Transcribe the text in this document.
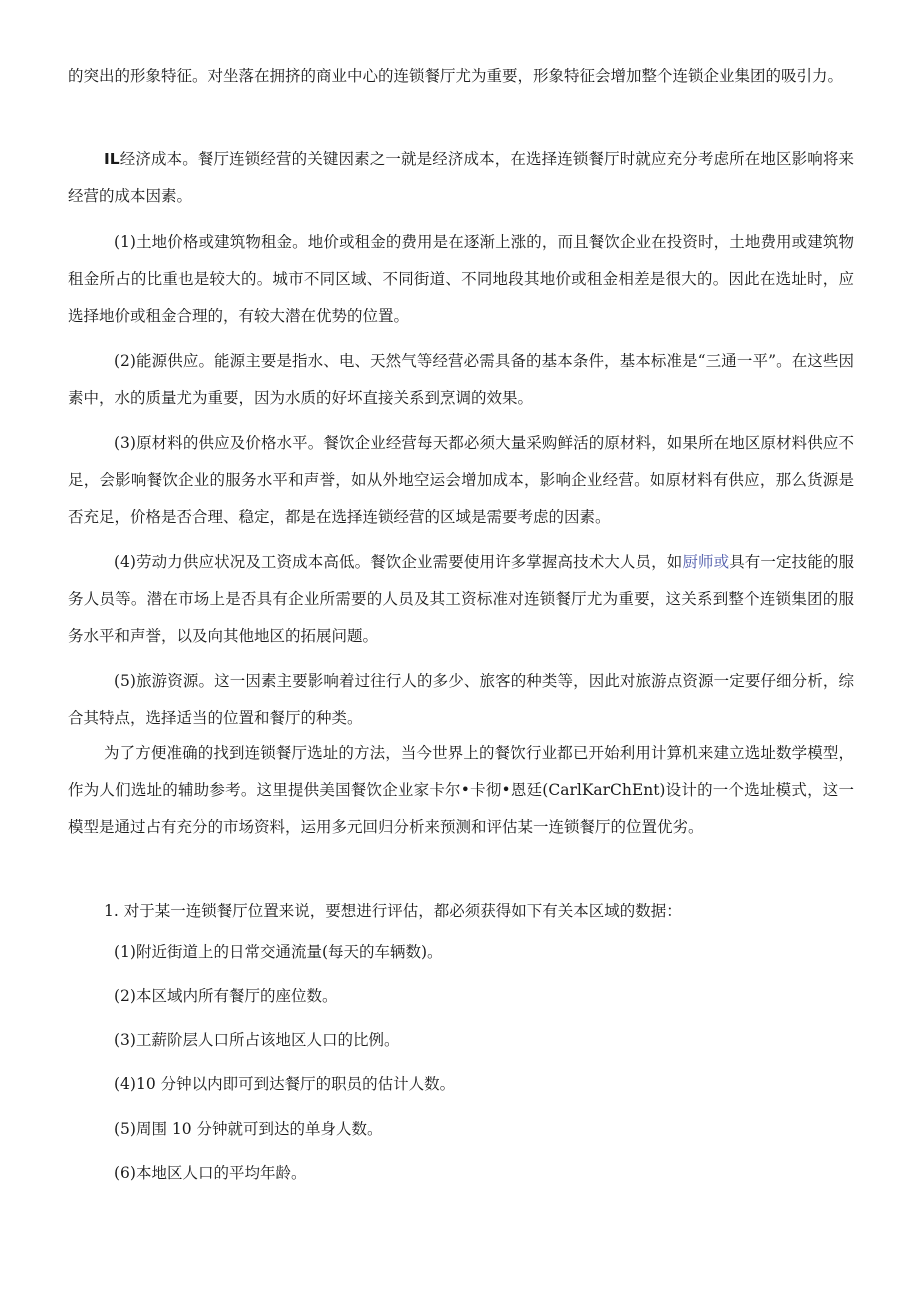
的突出的形象特征。对坐落在拥挤的商业中心的连锁餐厅尤为重要，形象特征会增加整个连锁企业集团的吸引力。

IL经济成本。餐厅连锁经营的关键因素之一就是经济成本，在选择连锁餐厅时就应充分考虑所在地区影响将来经营的成本因素。

(1)土地价格或建筑物租金。地价或租金的费用是在逐渐上涨的，而且餐饮企业在投资时，土地费用或建筑物租金所占的比重也是较大的。城市不同区域、不同街道、不同地段其地价或租金相差是很大的。因此在选址时，应选择地价或租金合理的，有较大潜在优势的位置。

(2)能源供应。能源主要是指水、电、天然气等经营必需具备的基本条件，基本标准是“三通一平”。在这些因素中，水的质量尤为重要，因为水质的好坏直接关系到烹调的效果。

(3)原材料的供应及价格水平。餐饮企业经营每天都必须大量采购鲜活的原材料，如果所在地区原材料供应不足，会影响餐饮企业的服务水平和声誉，如从外地空运会增加成本，影响企业经营。如原材料有供应，那么货源是否充足，价格是否合理、稳定，都是在选择连锁经营的区域是需要考虑的因素。

(4)劳动力供应状况及工资成本高低。餐饮企业需要使用许多掌握高技术大人员，如厨师或具有一定技能的服务人员等。潜在市场上是否具有企业所需要的人员及其工资标准对连锁餐厅尤为重要，这关系到整个连锁集团的服务水平和声誉，以及向其他地区的拓展问题。

(5)旅游资源。这一因素主要影响着过往行人的多少、旅客的种类等，因此对旅游点资源一定要仔细分析，综合其特点，选择适当的位置和餐厅的种类。

为了方便准确的找到连锁餐厅选址的方法，当今世界上的餐饮行业都已开始利用计算机来建立选址数学模型，作为人们选址的辅助参考。这里提供美国餐饮企业家卡尔•卡彻•恩廷(CarlKarChEnt)设计的一个选址模式，这一模型是通过占有充分的市场资料，运用多元回归分析来预测和评估某一连锁餐厅的位置优劣。

1. 对于某一连锁餐厅位置来说，要想进行评估，都必须获得如下有关本区域的数据：

(1)附近街道上的日常交通流量(每天的车辆数)。

(2)本区域内所有餐厅的座位数。

(3)工薪阶层人口所占该地区人口的比例。

(4)10 分钟以内即可到达餐厅的职员的估计人数。

(5)周围 10 分钟就可到达的单身人数。

(6)本地区人口的平均年龄。
